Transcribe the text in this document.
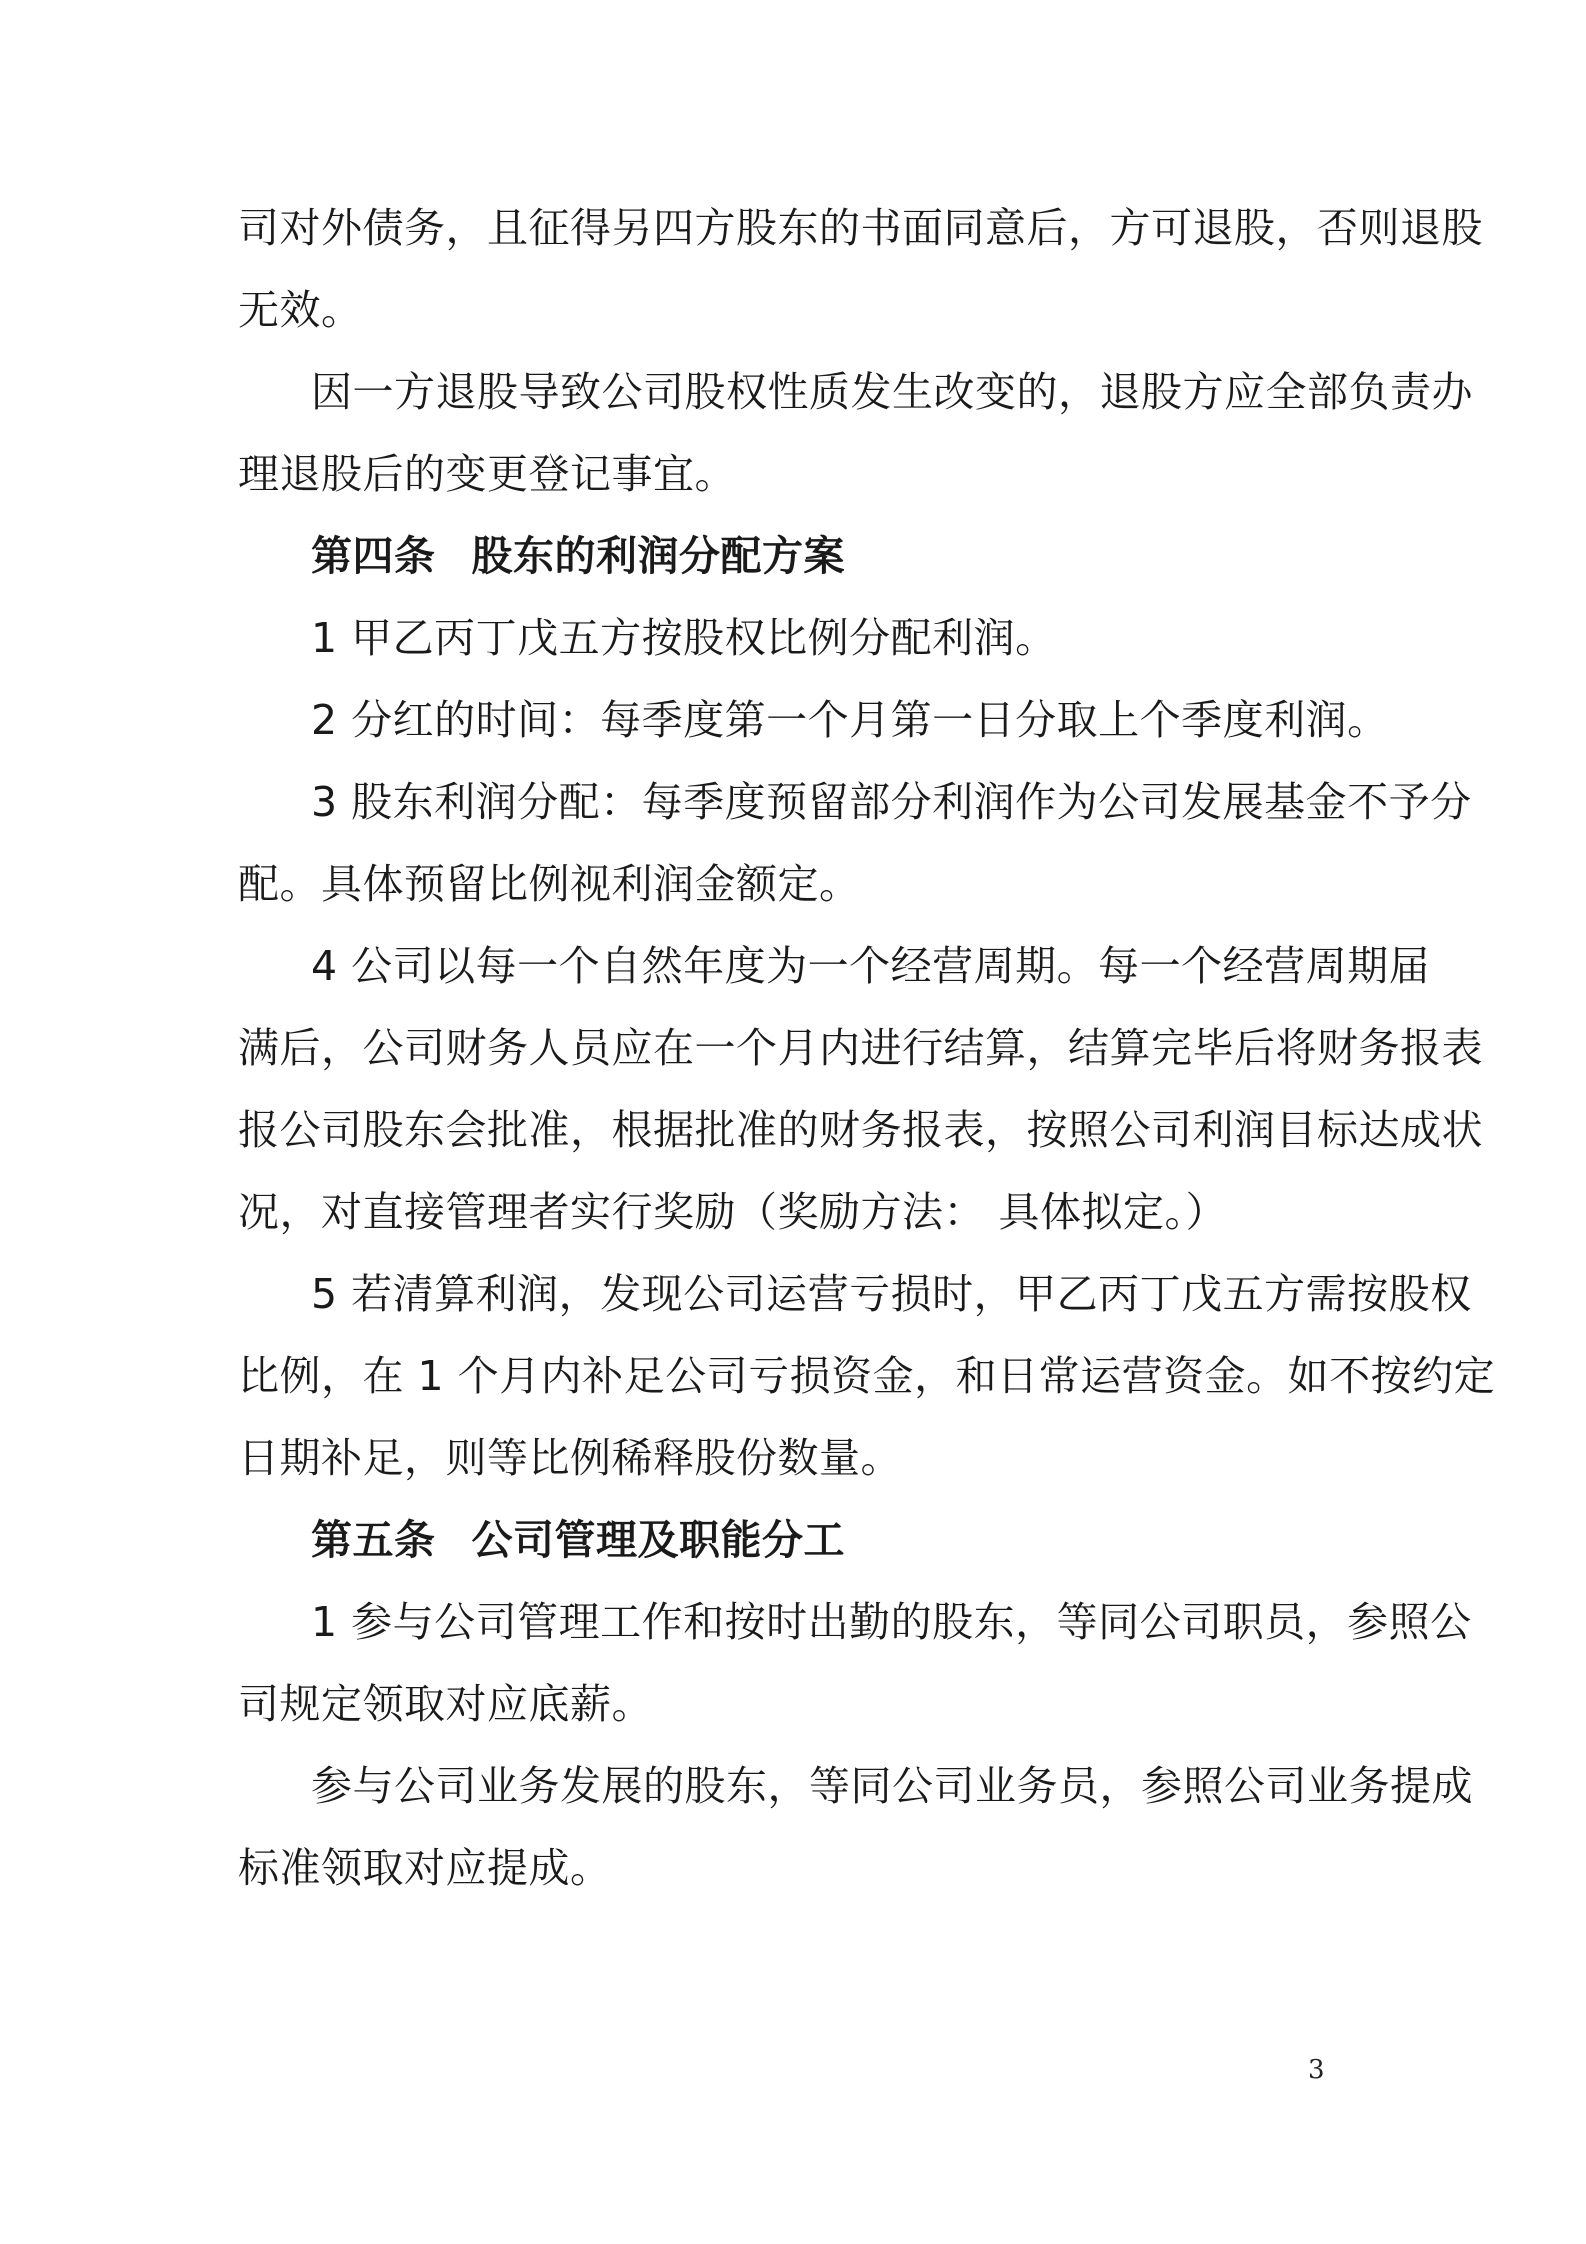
司对外债务，且征得另四方股东的书面同意后，方可退股，否则退股
无效。
因一方退股导致公司股权性质发生改变的，退股方应全部负责办
理退股后的变更登记事宜。
第四条 股东的利润分配方案
1 甲乙丙丁戊五方按股权比例分配利润。
2 分红的时间：每季度第一个月第一日分取上个季度利润。
3 股东利润分配：每季度预留部分利润作为公司发展基金不予分
配。具体预留比例视利润金额定。
4 公司以每一个自然年度为一个经营周期。每一个经营周期届
满后，公司财务人员应在一个月内进行结算，结算完毕后将财务报表
报公司股东会批准，根据批准的财务报表，按照公司利润目标达成状
况，对直接管理者实行奖励（奖励方法： 具体拟定。）
5 若清算利润，发现公司运营亏损时，甲乙丙丁戊五方需按股权
比例，在 1 个月内补足公司亏损资金，和日常运营资金。如不按约定
日期补足，则等比例稀释股份数量。
第五条 公司管理及职能分工
1 参与公司管理工作和按时出勤的股东，等同公司职员，参照公
司规定领取对应底薪。
参与公司业务发展的股东，等同公司业务员，参照公司业务提成
标准领取对应提成。
3
